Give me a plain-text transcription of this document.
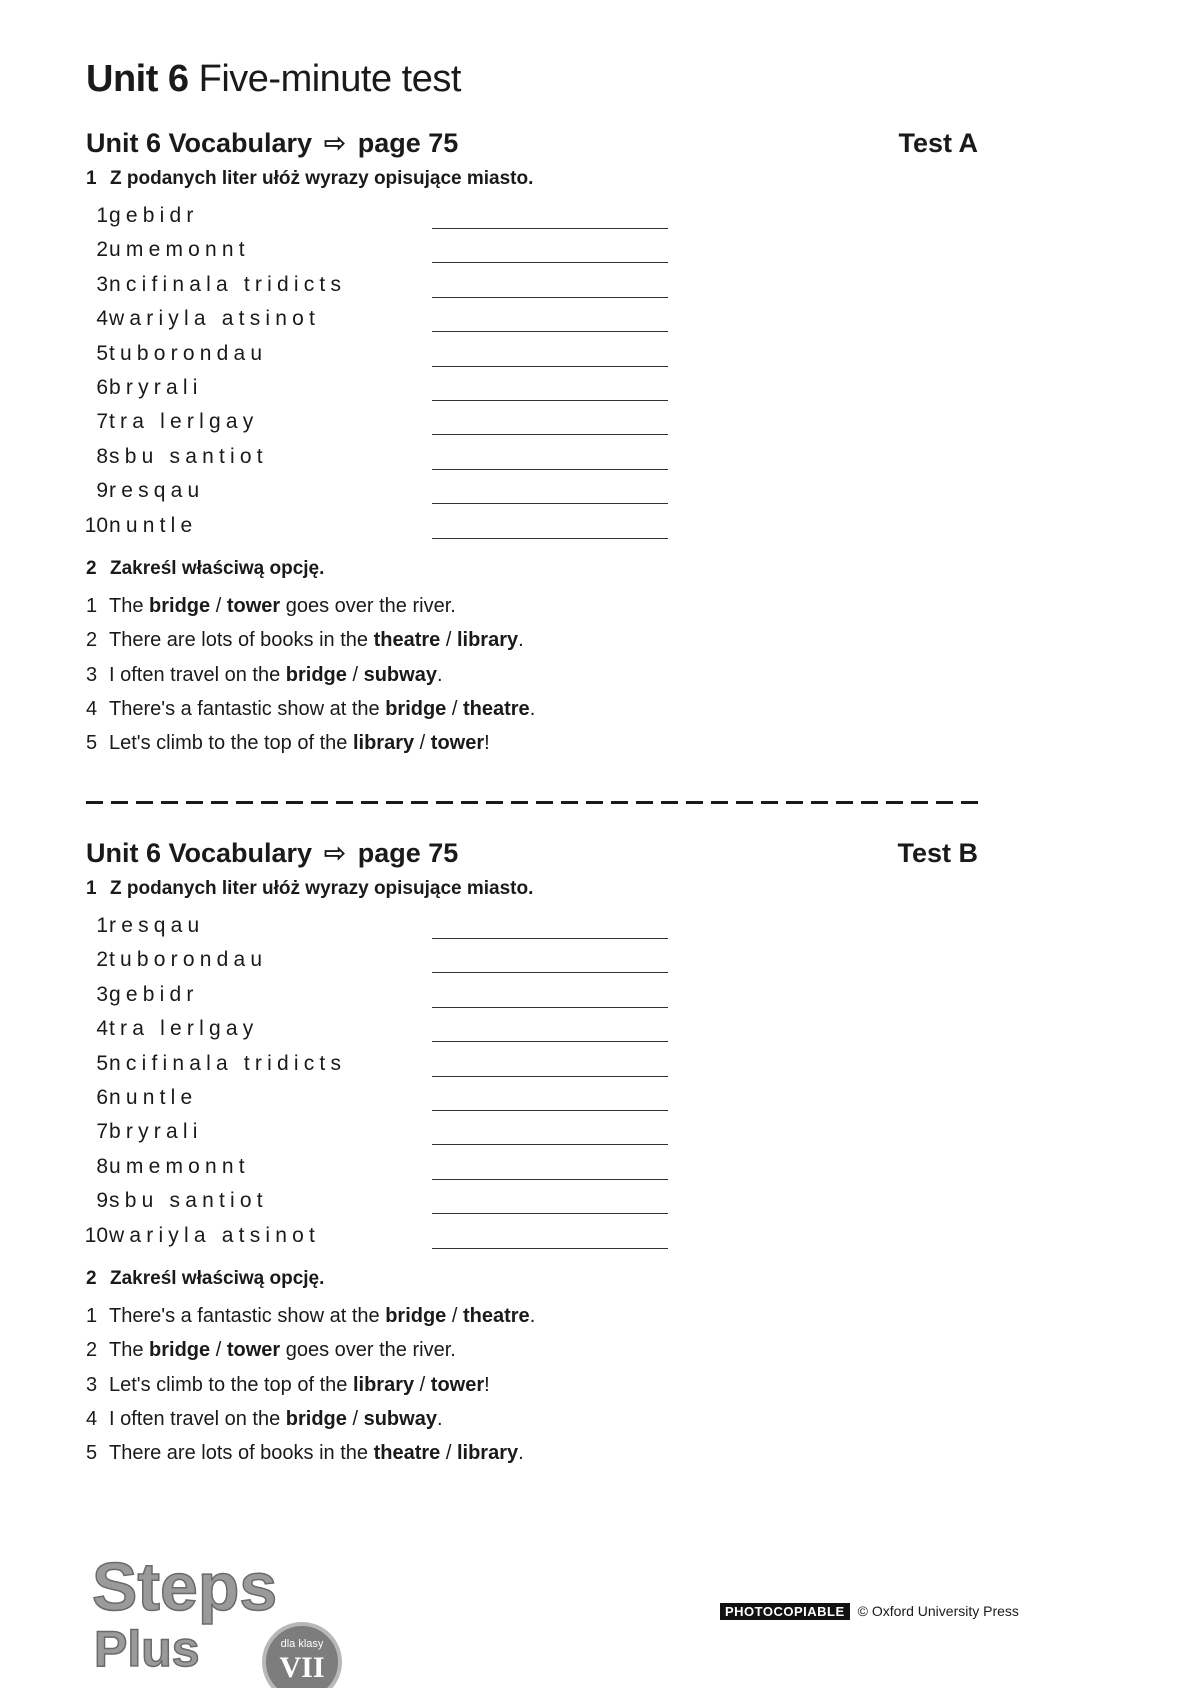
Unit 6 Five-minute test
Unit 6 Vocabulary ⇨ page 75	Test A
1 Z podanych liter ułóż wyrazy opisujące miasto.
1 gebidr
2 umemonnt
3 ncifinala tridicts
4 wariyla atsinot
5 tuborondau
6 bryrali
7 tra lerlgay
8 sbu santiot
9 resqau
10 nuntle
2 Zakreśl właściwą opcję.
1 The bridge / tower goes over the river.
2 There are lots of books in the theatre / library.
3 I often travel on the bridge / subway.
4 There's a fantastic show at the bridge / theatre.
5 Let's climb to the top of the library / tower!
Unit 6 Vocabulary ⇨ page 75	Test B
1 Z podanych liter ułóż wyrazy opisujące miasto.
1 resqau
2 tuborondau
3 gebidr
4 tra lerlgay
5 ncifinala tridicts
6 nuntle
7 bryrali
8 umemonnt
9 sbu santiot
10 wariyla atsinot
2 Zakreśl właściwą opcję.
1 There's a fantastic show at the bridge / theatre.
2 The bridge / tower goes over the river.
3 Let's climb to the top of the library / tower!
4 I often travel on the bridge / subway.
5 There are lots of books in the theatre / library.
Steps
Plus	dla klasy
VII
PHOTOCOPIABLE © Oxford University Press
